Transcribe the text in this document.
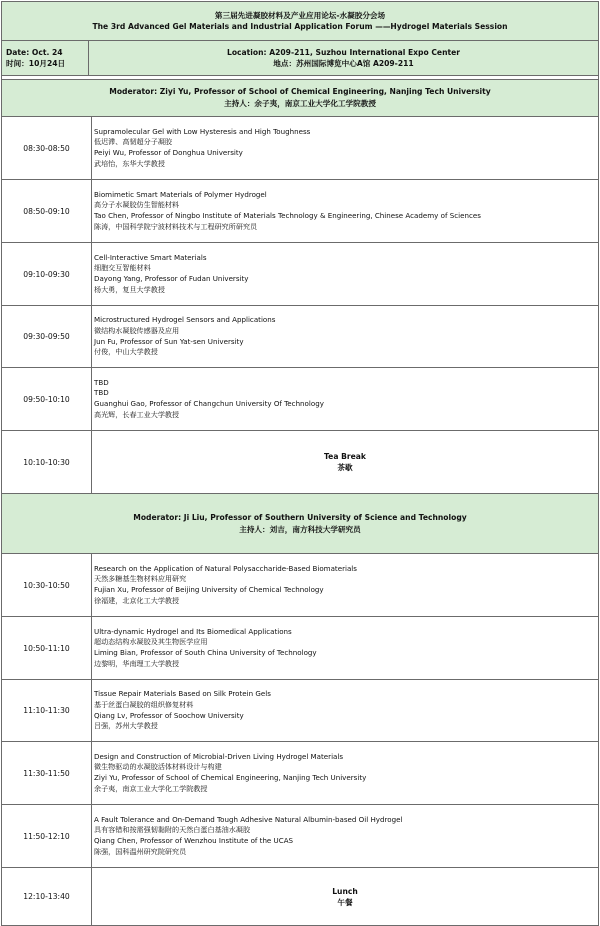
第三届先进凝胶材料及产业应用论坛-水凝胶分会场
The 3rd Advanced Gel Materials and Industrial Application Forum ——Hydrogel Materials Session
Date: Oct. 24
时间：10月24日
Location: A209-211, Suzhou International Expo Center
地点：苏州国际博览中心A馆 A209-211
Moderator: Ziyi Yu, Professor of School of Chemical Engineering, Nanjing Tech University
主持人：余子夷，南京工业大学化工学院教授
08:30-08:50
Supramolecular Gel with Low Hysteresis and High Toughness
低迟滞、高韧超分子凝胶
Peiyi Wu, Professor of Donghua University
武培怡，东华大学教授
08:50-09:10
Biomimetic Smart Materials of Polymer Hydrogel
高分子水凝胶仿生智能材料
Tao Chen, Professor of Ningbo Institute of Materials Technology & Engineering, Chinese Academy of Sciences
陈涛，中国科学院宁波材料技术与工程研究所研究员
09:10-09:30
Cell-Interactive Smart Materials
细胞交互智能材料
Dayong Yang, Professor of Fudan University
杨大勇，复旦大学教授
09:30-09:50
Microstructured Hydrogel Sensors and Applications
微结构水凝胶传感器及应用
Jun Fu, Professor of Sun Yat-sen University
付俊，中山大学教授
09:50-10:10
TBD
TBD
Guanghui Gao, Professor of Changchun University Of Technology
高光辉，长春工业大学教授
10:10-10:30
Tea Break
茶歇
Moderator: Ji Liu, Professor of Southern University of Science and Technology
主持人：刘吉，南方科技大学研究员
10:30-10:50
Research on the Application of Natural Polysaccharide-Based Biomaterials
天然多糖基生物材料应用研究
Fujian Xu, Professor of Beijing University of Chemical Technology
徐福建，北京化工大学教授
10:50-11:10
Ultra-dynamic Hydrogel and Its Biomedical Applications
超动态结构水凝胶及其生物医学应用
Liming Bian, Professor of South China University of Technology
边黎明，华南理工大学教授
11:10-11:30
Tissue Repair Materials Based on Silk Protein Gels
基于丝蛋白凝胶的组织修复材料
Qiang Lv, Professor of Soochow University
吕强，苏州大学教授
11:30-11:50
Design and Construction of Microbial-Driven Living Hydrogel Materials
微生物驱动的水凝胶活体材料设计与构建
Ziyi Yu, Professor of School of Chemical Engineering, Nanjing Tech University
余子夷，南京工业大学化工学院教授
11:50-12:10
A Fault Tolerance and On-Demand Tough Adhesive Natural Albumin-based Oil Hydrogel
具有容错和按需强韧黏附的天然白蛋白基油水凝胶
Qiang Chen, Professor of Wenzhou Institute of the UCAS
陈强，国科温州研究院研究员
12:10-13:40
Lunch
午餐
